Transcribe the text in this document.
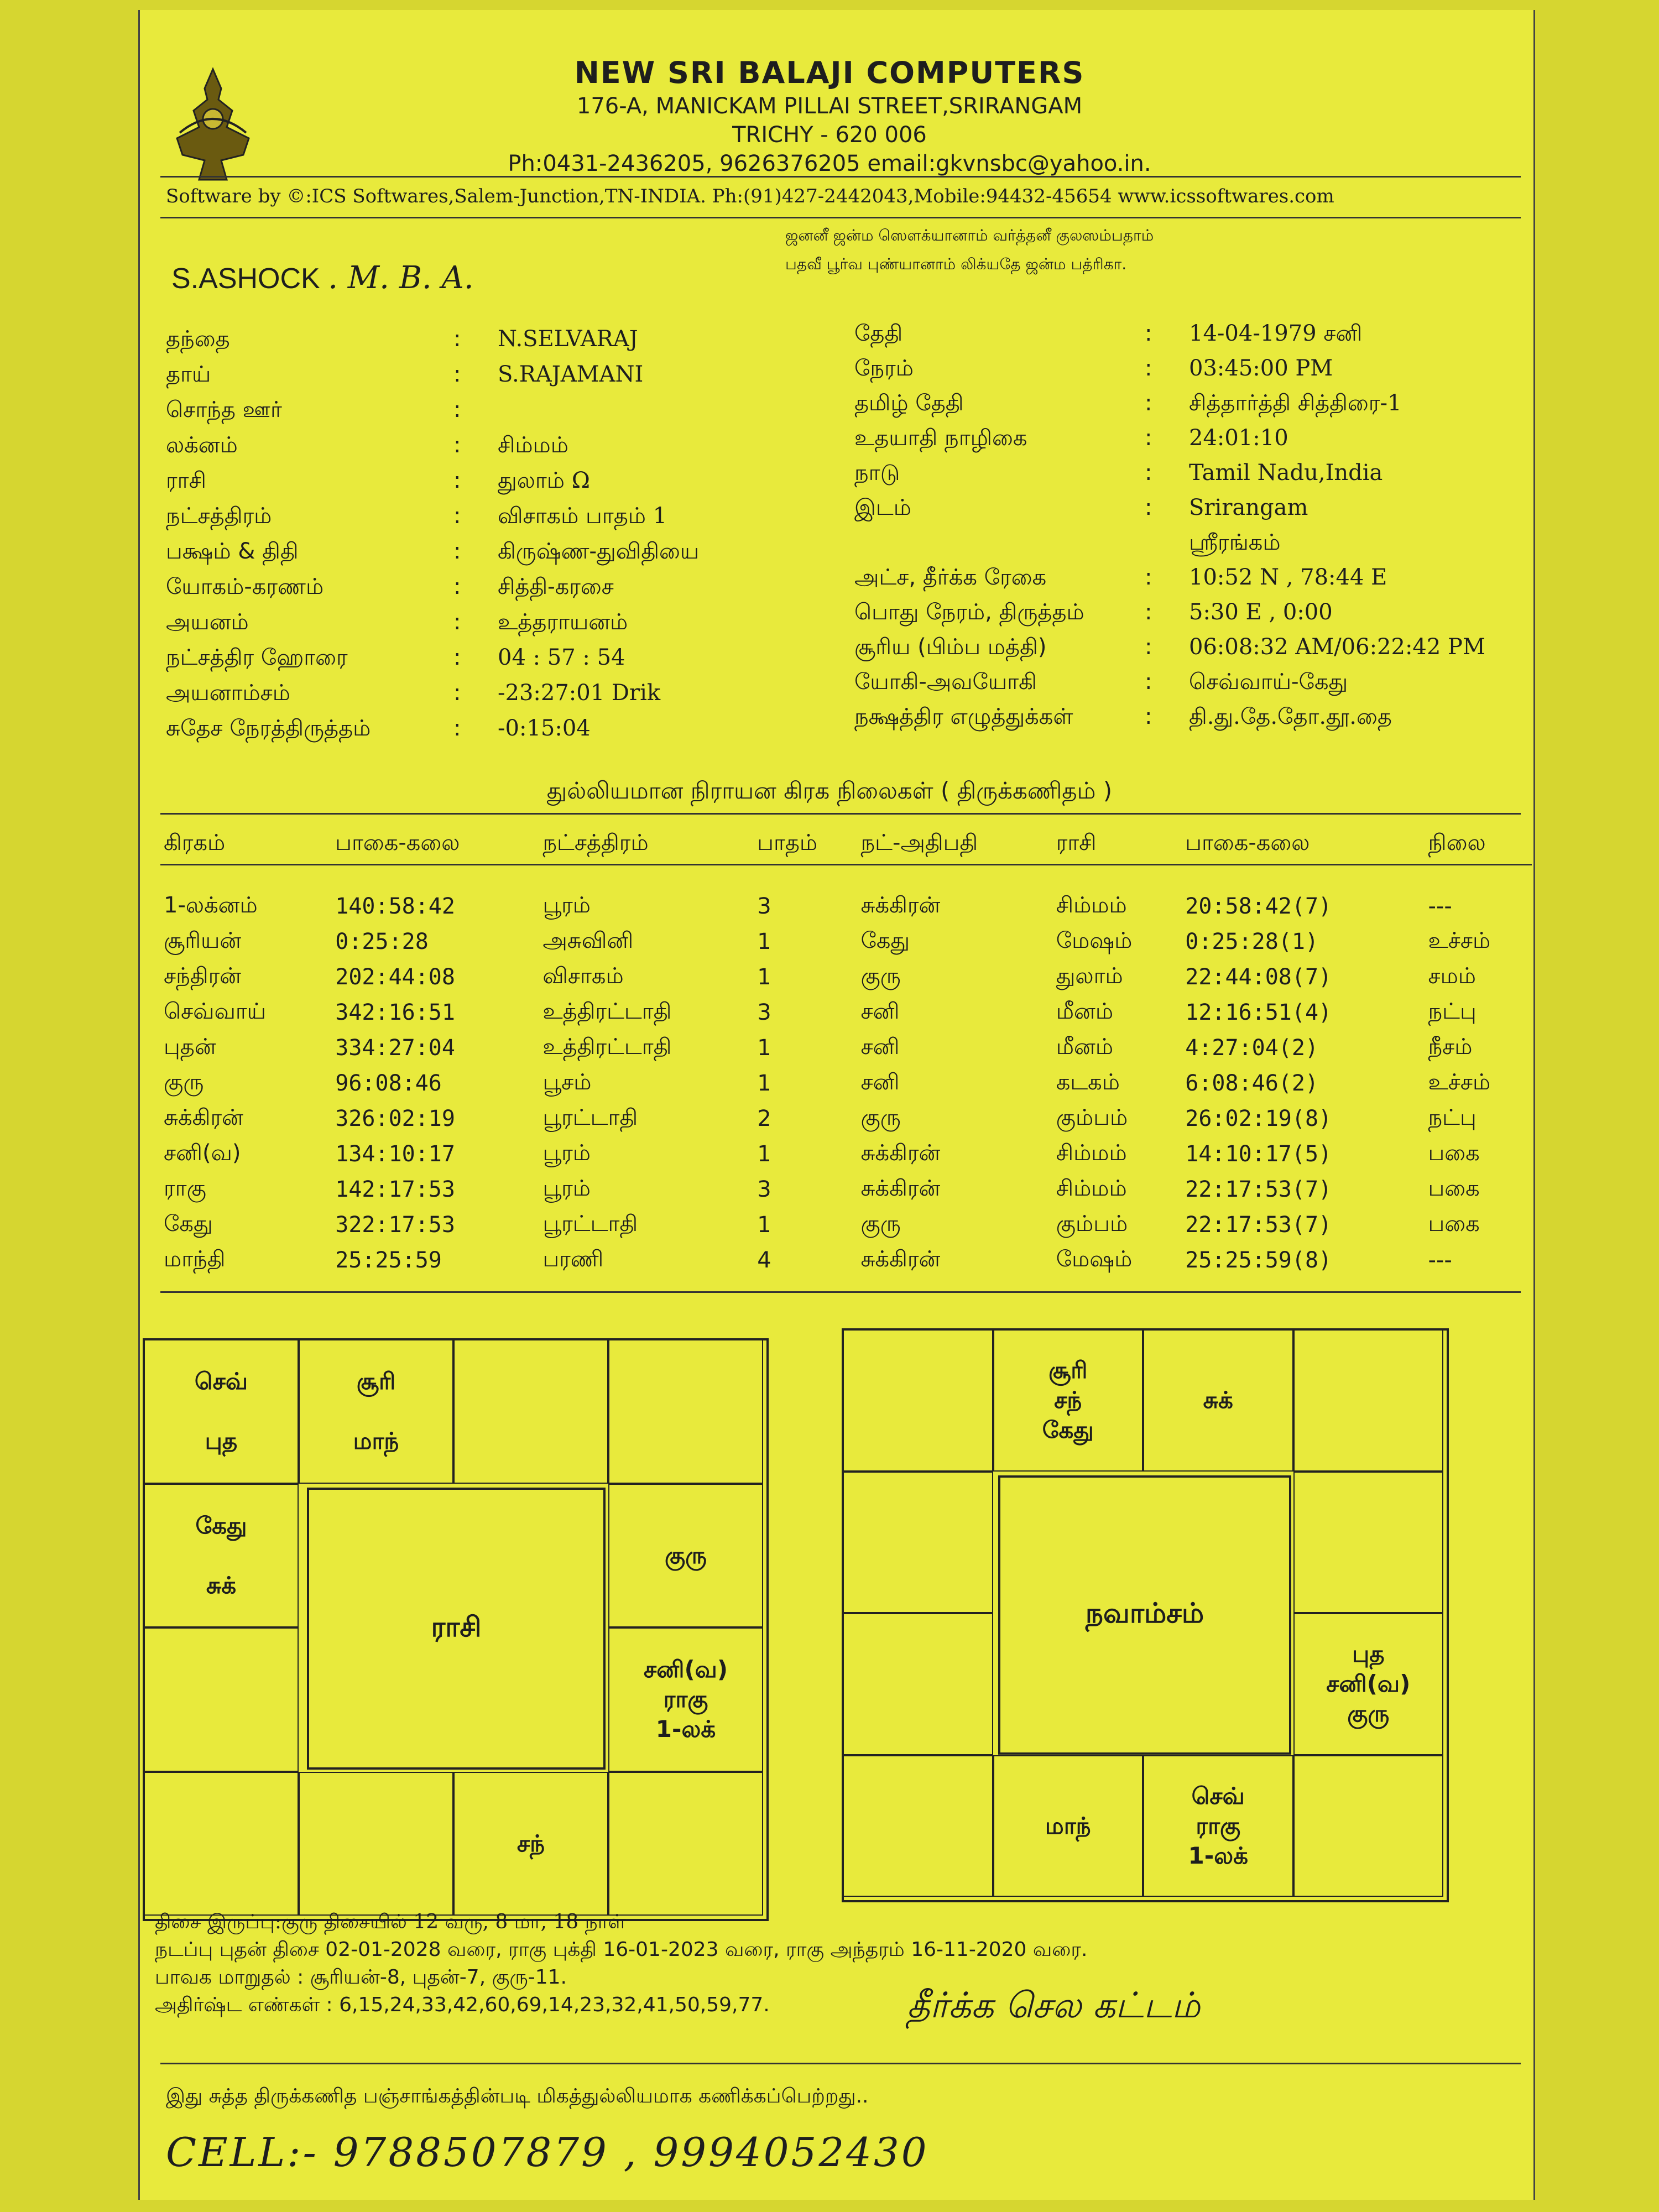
NEW SRI BALAJI COMPUTERS
176-A, MANICKAM PILLAI STREET,SRIRANGAM
TRICHY - 620 006
Ph:0431-2436205, 9626376205 email:gkvnsbc@yahoo.in.
Software by ©:ICS Softwares,Salem-Junction,TN-INDIA. Ph:(91)427-2442043,Mobile:94432-45654 www.icssoftwares.com
ஜனனீ ஜன்ம ஸௌக்யானாம் வர்த்தனீ குலஸம்பதாம்
பதவீ பூர்வ புண்யானாம் லிக்யதே ஜன்ம பத்ரிகா.
S.ASHOCK . M. B. A.
தந்தை	: N.SELVARAJ
தாய்	: S.RAJAMANI
சொந்த ஊர்	:
லக்னம்	: சிம்மம்
ராசி	: துலாம் Ω
நட்சத்திரம்	: விசாகம் பாதம் 1
பக்ஷம் & திதி	: கிருஷ்ண-துவிதியை
யோகம்-கரணம்	: சித்தி-கரசை
அயனம்	: உத்தராயனம்
நட்சத்திர ஹோரை	: 04 : 57 : 54
அயனாம்சம்	: -23:27:01 Drik
சுதேச நேரத்திருத்தம்	: -0:15:04
தேதி	: 14-04-1979 சனி
நேரம்	: 03:45:00 PM
தமிழ் தேதி	: சித்தார்த்தி சித்திரை-1
உதயாதி நாழிகை	: 24:01:10
நாடு	: Tamil Nadu,India
இடம்	: Srirangam
ஸ்ரீரங்கம்
அட்ச, தீர்க்க ரேகை	: 10:52 N , 78:44 E
பொது நேரம், திருத்தம்	: 5:30 E , 0:00
சூரிய (பிம்ப மத்தி)	: 06:08:32 AM/06:22:42 PM
யோகி-அவயோகி	: செவ்வாய்-கேது
நக்ஷத்திர எழுத்துக்கள்	: தி.து.தே.தோ.தூ.தை
துல்லியமான நிராயன கிரக நிலைகள் ( திருக்கணிதம் )
கிரகம்	பாகை-கலை	நட்சத்திரம்	பாதம்	நட்-அதிபதி	ராசி	பாகை-கலை	நிலை

1-லக்னம்	140:58:42	பூரம்	3	சுக்கிரன்	சிம்மம்	20:58:42(7)	---
சூரியன்	0:25:28	அசுவினி	1	கேது	மேஷம்	0:25:28(1)	உச்சம்
சந்திரன்	202:44:08	விசாகம்	1	குரு	துலாம்	22:44:08(7)	சமம்
செவ்வாய்	342:16:51	உத்திரட்டாதி	3	சனி	மீனம்	12:16:51(4)	நட்பு
புதன்	334:27:04	உத்திரட்டாதி	1	சனி	மீனம்	4:27:04(2)	நீசம்
குரு	96:08:46	பூசம்	1	சனி	கடகம்	6:08:46(2)	உச்சம்
சுக்கிரன்	326:02:19	பூரட்டாதி	2	குரு	கும்பம்	26:02:19(8)	நட்பு
சனி(வ)	134:10:17	பூரம்	1	சுக்கிரன்	சிம்மம்	14:10:17(5)	பகை
ராகு	142:17:53	பூரம்	3	சுக்கிரன்	சிம்மம்	22:17:53(7)	பகை
கேது	322:17:53	பூரட்டாதி	1	குரு	கும்பம்	22:17:53(7)	பகை
மாந்தி	25:25:59	பரணி	4	சுக்கிரன்	மேஷம்	25:25:59(8)	---
செவ்

புத
சூரி

மாந்
கேது

சுக்
குரு
சனி(வ)
ராகு
1-லக்
சந்
ராசி
சூரி
சந்
கேது
சுக்
புத
சனி(வ)
குரு
மாந்
செவ்
ராகு
1-லக்
நவாம்சம்
திசை இருப்பு:குரு திசையில் 12 வரு, 8 மா, 18 நாள்
நடப்பு புதன் திசை 02-01-2028 வரை, ராகு புக்தி 16-01-2023 வரை, ராகு அந்தரம் 16-11-2020 வரை.
பாவக மாறுதல் : சூரியன்-8, புதன்-7, குரு-11.
அதிர்ஷ்ட எண்கள் : 6,15,24,33,42,60,69,14,23,32,41,50,59,77.	தீர்க்க செல கட்டம்
இது சுத்த திருக்கணித பஞ்சாங்கத்தின்படி மிகத்துல்லியமாக கணிக்கப்பெற்றது..
CELL:- 9788507879 , 9994052430
